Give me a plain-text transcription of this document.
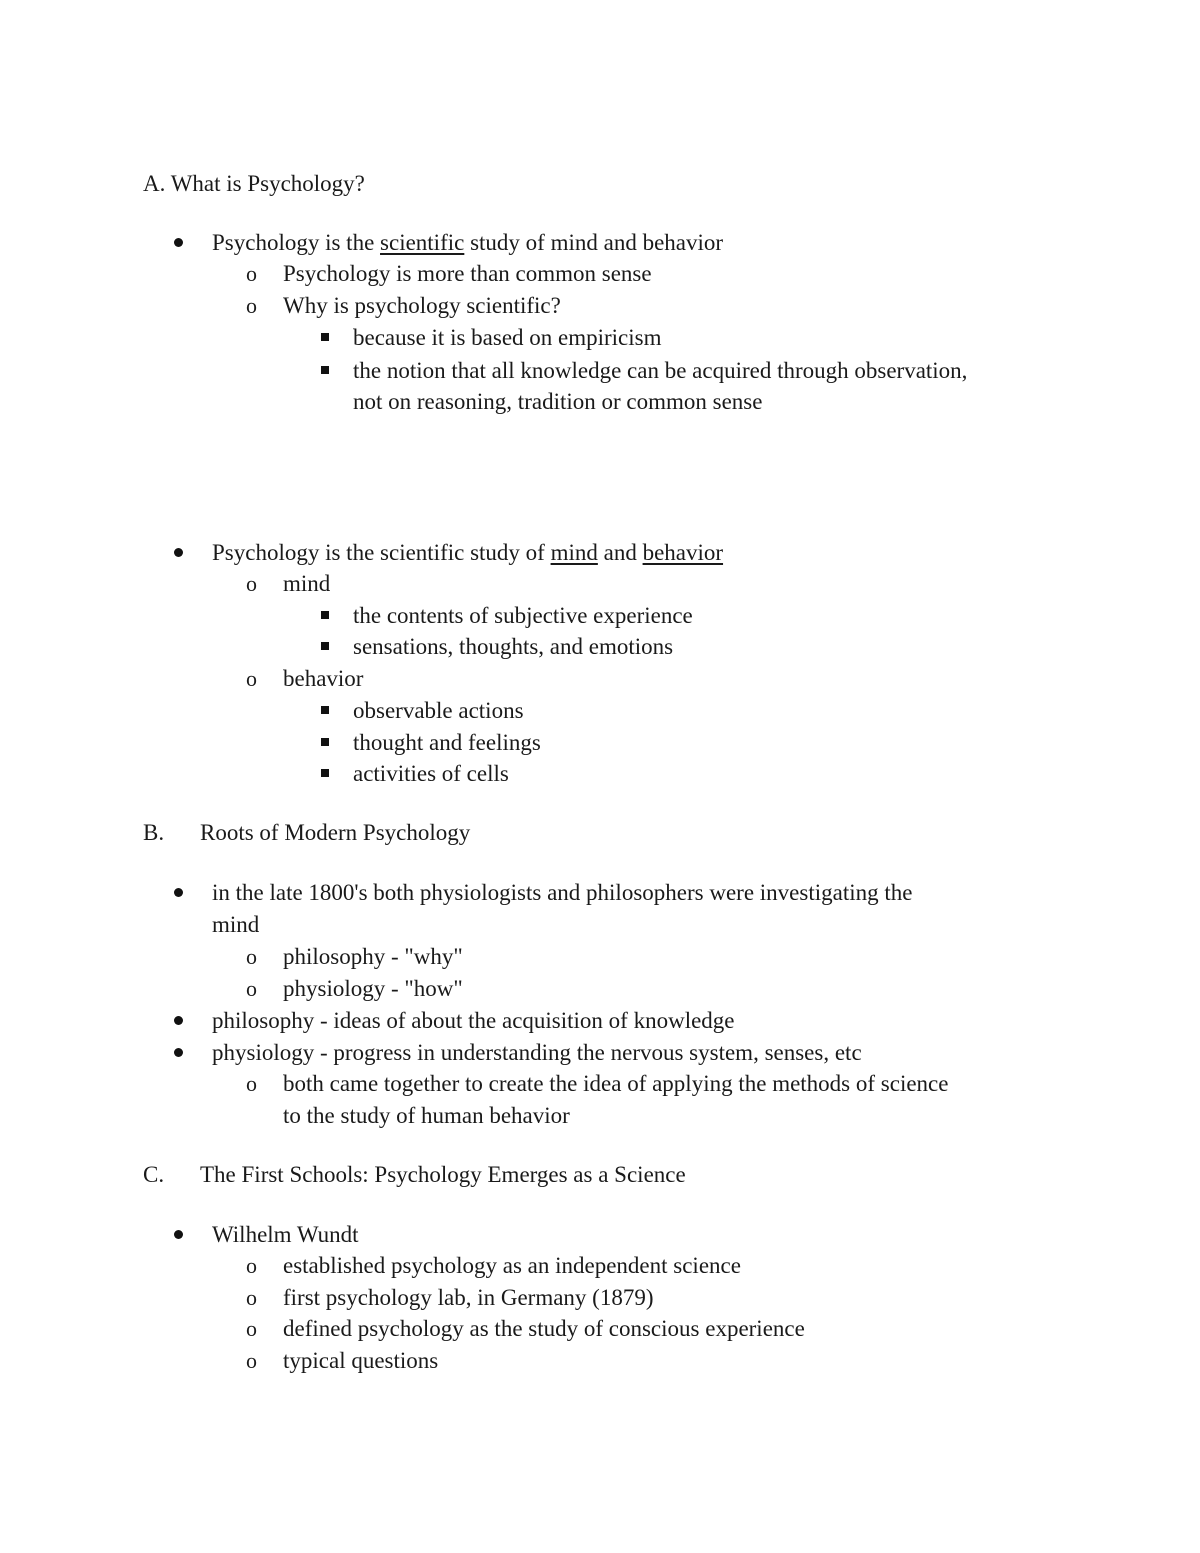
A. What is Psychology?
Psychology is the scientific study of mind and behavior
o Psychology is more than common sense
o Why is psychology scientific?
because it is based on empiricism
the notion that all knowledge can be acquired through observation,
not on reasoning, tradition or common sense
Psychology is the scientific study of mind and behavior
o mind
the contents of subjective experience
sensations, thoughts, and emotions
o behavior
observable actions
thought and feelings
activities of cells
B. Roots of Modern Psychology
in the late 1800's both physiologists and philosophers were investigating the
mind
o philosophy - "why"
o physiology - "how"
philosophy - ideas of about the acquisition of knowledge
physiology - progress in understanding the nervous system, senses, etc
o both came together to create the idea of applying the methods of science
to the study of human behavior
C. The First Schools: Psychology Emerges as a Science
Wilhelm Wundt
o established psychology as an independent science
o first psychology lab, in Germany (1879)
o defined psychology as the study of conscious experience
o typical questions
